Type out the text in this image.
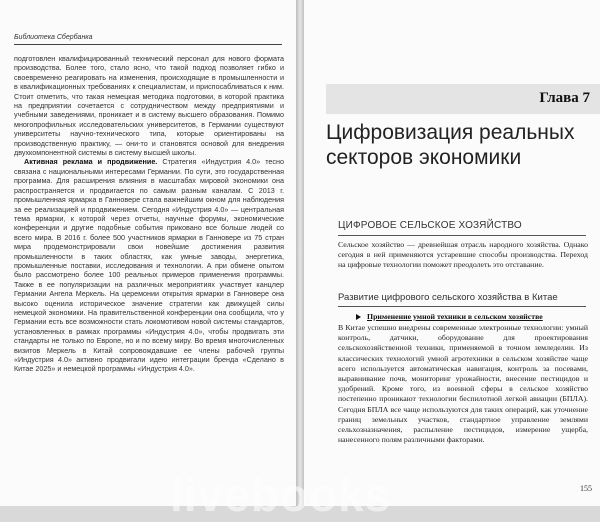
Библиотека Сбербанка

подготовлен квалифицированный технический персонал для нового формата производства. Более того, стало ясно, что такой подход позволяет гибко и своевременно реагировать на изменения, происходящие в промышленности и в квалификационных требованиях к специалистам, и приспосабливаться к ним. Стоит отметить, что такая немецкая методика подготовки, в которой практика на предприятии сочетается с сотрудничеством между предприятиями и учебными заведениями, проникает и в систему высшего образования. Помимо многопрофильных исследовательских университетов, в Германии существуют университеты научно-технического типа, которые ориентированы на производственную практику, — они-то и становятся основой для внедрения двухкомпонентной системы в систему высшей школы.

Активная реклама и продвижение. Стратегия «Индустрия 4.0» тесно связана с национальными интересами Германии. По сути, это государственная программа. Для расширения влияния в масштабах мировой экономики она распространяется и продвигается по самым разным каналам. С 2013 г. промышленная ярмарка в Ганновере стала важнейшим окном для наблюдения за ее реализацией и продвижением. Сегодня «Индустрия 4.0» — центральная тема ярмарки, к которой через отчеты, научные форумы, экономические конференции и другие подобные события приковано все больше людей со всего мира. В 2016 г. более 500 участников ярмарки в Ганновере из 75 стран мира продемонстрировали свои новейшие достижения развития промышленности в таких областях, как умные заводы, энергетика, промышленные поставки, исследования и технологии. А при обмене опытом было рассмотрено более 100 реальных примеров применения программы. Также в ее популяризации на различных мероприятиях участвует канцлер Германии Ангела Меркель. На церемонии открытия ярмарки в Ганновере она высоко оценила историческое значение стратегии как движущей силы немецкой экономики. На правительственной конференции она сообщила, что у Германии есть все возможности стать локомотивом новой системы стандартов, установленных в рамках программы «Индустрия 4.0», чтобы продвигать эти стандарты не только по Европе, но и по всему миру. Во время многочисленных визитов Меркель в Китай сопровождавшие ее члены рабочей группы «Индустрия 4.0» активно продвигали идею интеграции бренда «Сделано в Китае 2025» и немецкой программы «Индустрия 4.0».

Глава 7
Цифровизация реальных
секторов экономики
ЦИФРОВОЕ СЕЛЬСКОЕ ХОЗЯЙСТВО

Сельское хозяйство — древнейшая отрасль народного хозяйства. Однако сегодня в ней применяются устаревшие способы производства. Переход на цифровые технологии поможет преодолеть это отставание.

Развитие цифрового сельского хозяйства в Китае
Применение умной техники в сельском хозяйстве

В Китае успешно внедрены современные электронные технологии: умный контроль, датчики, оборудование для проектирования сельскохозяйственной техники, применяемой в точном земледелии. Из классических технологий умной агротехники в сельском хозяйстве чаще всего используется автоматическая навигация, контроль за посевами, выравнивание почв, мониторинг урожайности, внесение пестицидов и удобрений. Кроме того, из военной сферы в сельское хозяйство постепенно проникают технологии беспилотной легкой авиации (БПЛА). Сегодня БПЛА все чаще используются для таких операций, как уточнение границ земельных участков, стандартное управление землями сельхозназначения, распыление пестицидов, измерение ущерба, нанесенного полям различными факторами.

155
livebooks
